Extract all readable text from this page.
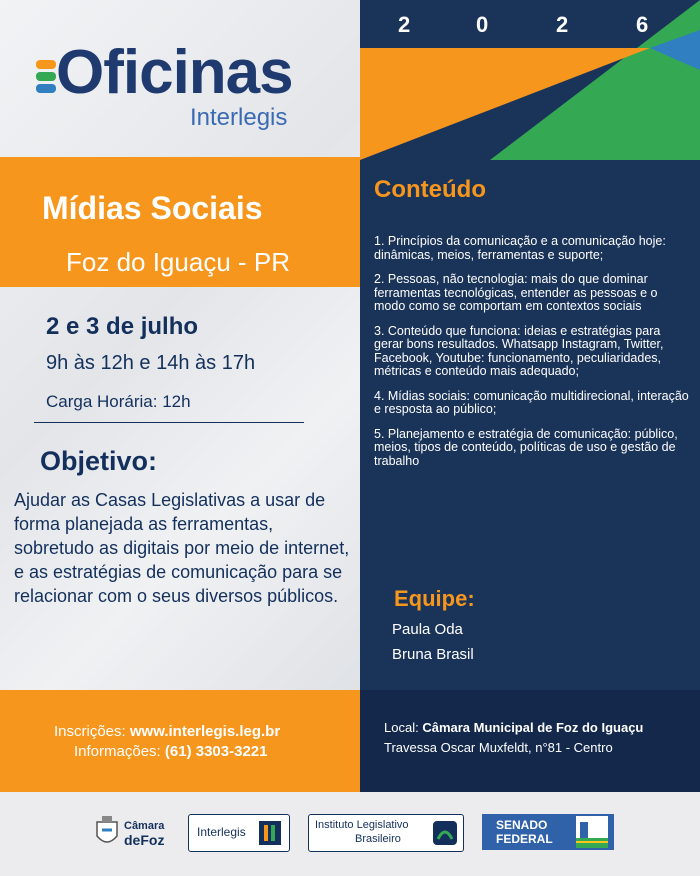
2	0	2	6
Oficinas
Interlegis
Mídias Sociais
Foz do Iguaçu - PR
2 e 3 de julho
9h às 12h e 14h às 17h
Carga Horária: 12h
Objetivo:
Ajudar as Casas Legislativas a usar de forma planejada as ferramentas, sobretudo as digitais por meio de internet, e as estratégias de comunicação para se relacionar com o seus diversos públicos.
Conteúdo
1. Princípios da comunicação e a comunicação hoje: dinâmicas, meios, ferramentas e suporte;
2. Pessoas, não tecnologia: mais do que dominar ferramentas tecnológicas, entender as pessoas e o modo como se comportam em contextos sociais
3. Conteúdo que funciona: ideias e estratégias para gerar bons resultados. Whatsapp Instagram, Twitter, Facebook, Youtube: funcionamento, peculiaridades, métricas e conteúdo mais adequado;
4. Mídias sociais: comunicação multidirecional, interação e resposta ao público;
5. Planejamento e estratégia de comunicação: público, meios, tipos de conteúdo, políticas de uso e gestão de trabalho
Equipe:
Paula Oda
Bruna Brasil
Inscrições: www.interlegis.leg.br
Informações: (61) 3303-3221
Local: Câmara Municipal de Foz do Iguaçu
Travessa Oscar Muxfeldt, n°81 - Centro
Câmara
deFoz	Interlegis	Instituto Legislativo
Brasileiro
SENADO
FEDERAL
